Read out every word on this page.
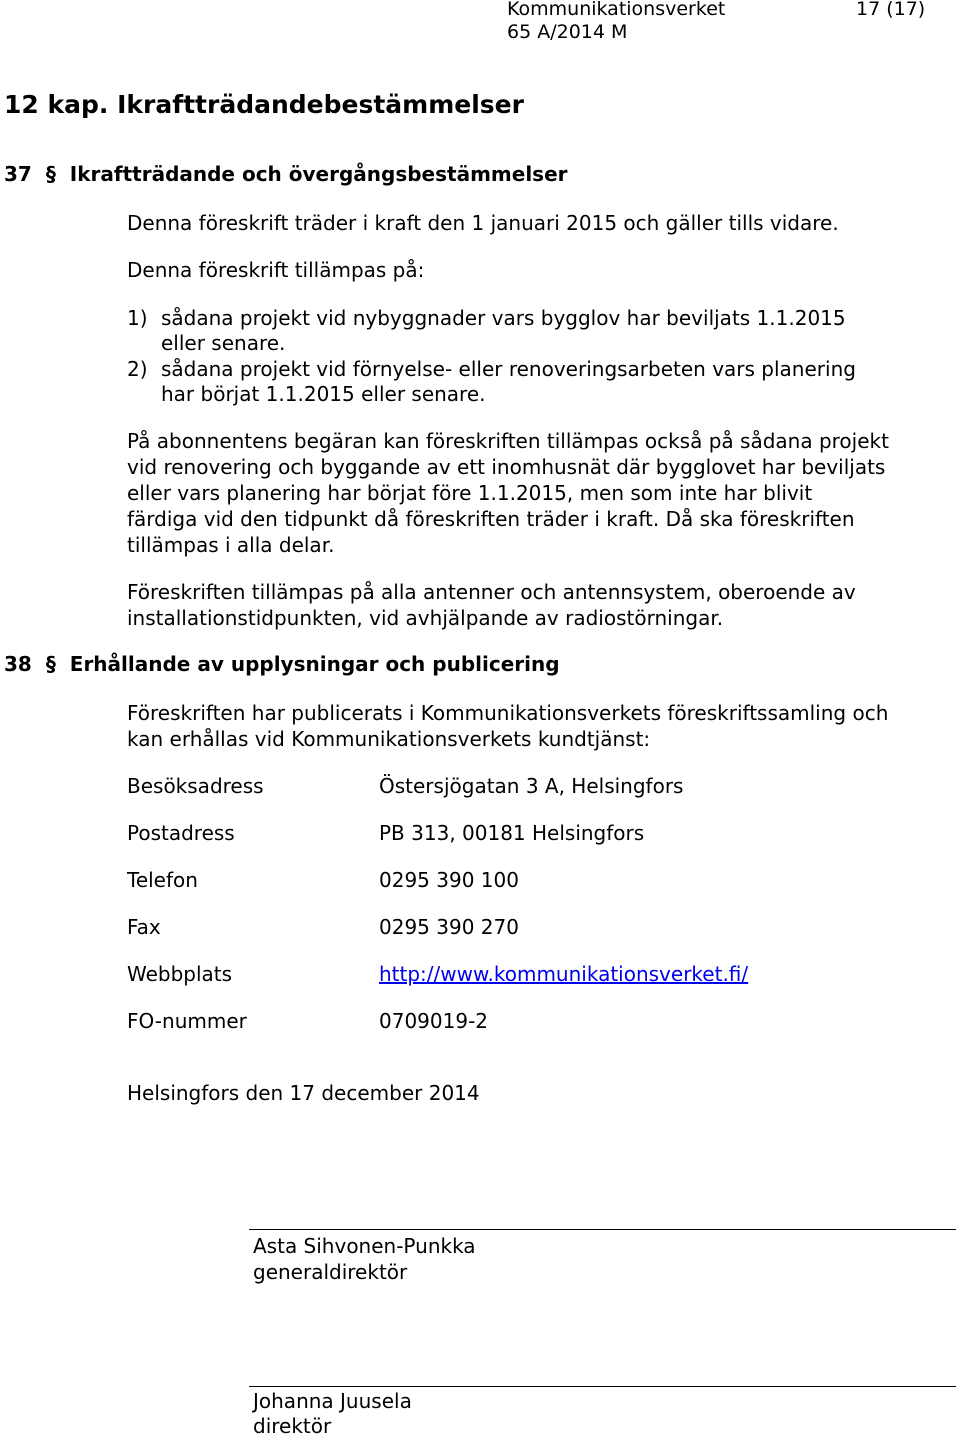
Kommunikationsverket	17 (17)
65 A/2014 M
12 kap. Ikraftträdandebestämmelser
37 § Ikraftträdande och övergångsbestämmelser
Denna föreskrift träder i kraft den 1 januari 2015 och gäller tills vidare.
Denna föreskrift tillämpas på:
1) sådana projekt vid nybyggnader vars bygglov har beviljats 1.1.2015
eller senare.
2) sådana projekt vid förnyelse- eller renoveringsarbeten vars planering
har börjat 1.1.2015 eller senare.
På abonnentens begäran kan föreskriften tillämpas också på sådana projekt
vid renovering och byggande av ett inomhusnät där bygglovet har beviljats
eller vars planering har börjat före 1.1.2015, men som inte har blivit
färdiga vid den tidpunkt då föreskriften träder i kraft. Då ska föreskriften
tillämpas i alla delar.
Föreskriften tillämpas på alla antenner och antennsystem, oberoende av
installationstidpunkten, vid avhjälpande av radiostörningar.
38 § Erhållande av upplysningar och publicering
Föreskriften har publicerats i Kommunikationsverkets föreskriftssamling och
kan erhållas vid Kommunikationsverkets kundtjänst:
Besöksadress	Östersjögatan 3 A, Helsingfors
Postadress	PB 313, 00181 Helsingfors
Telefon	0295 390 100
Fax	0295 390 270
Webbplats	http://www.kommunikationsverket.fi/
FO-nummer	0709019-2
Helsingfors den 17 december 2014
Asta Sihvonen-Punkka
generaldirektör
Johanna Juusela
direktör
